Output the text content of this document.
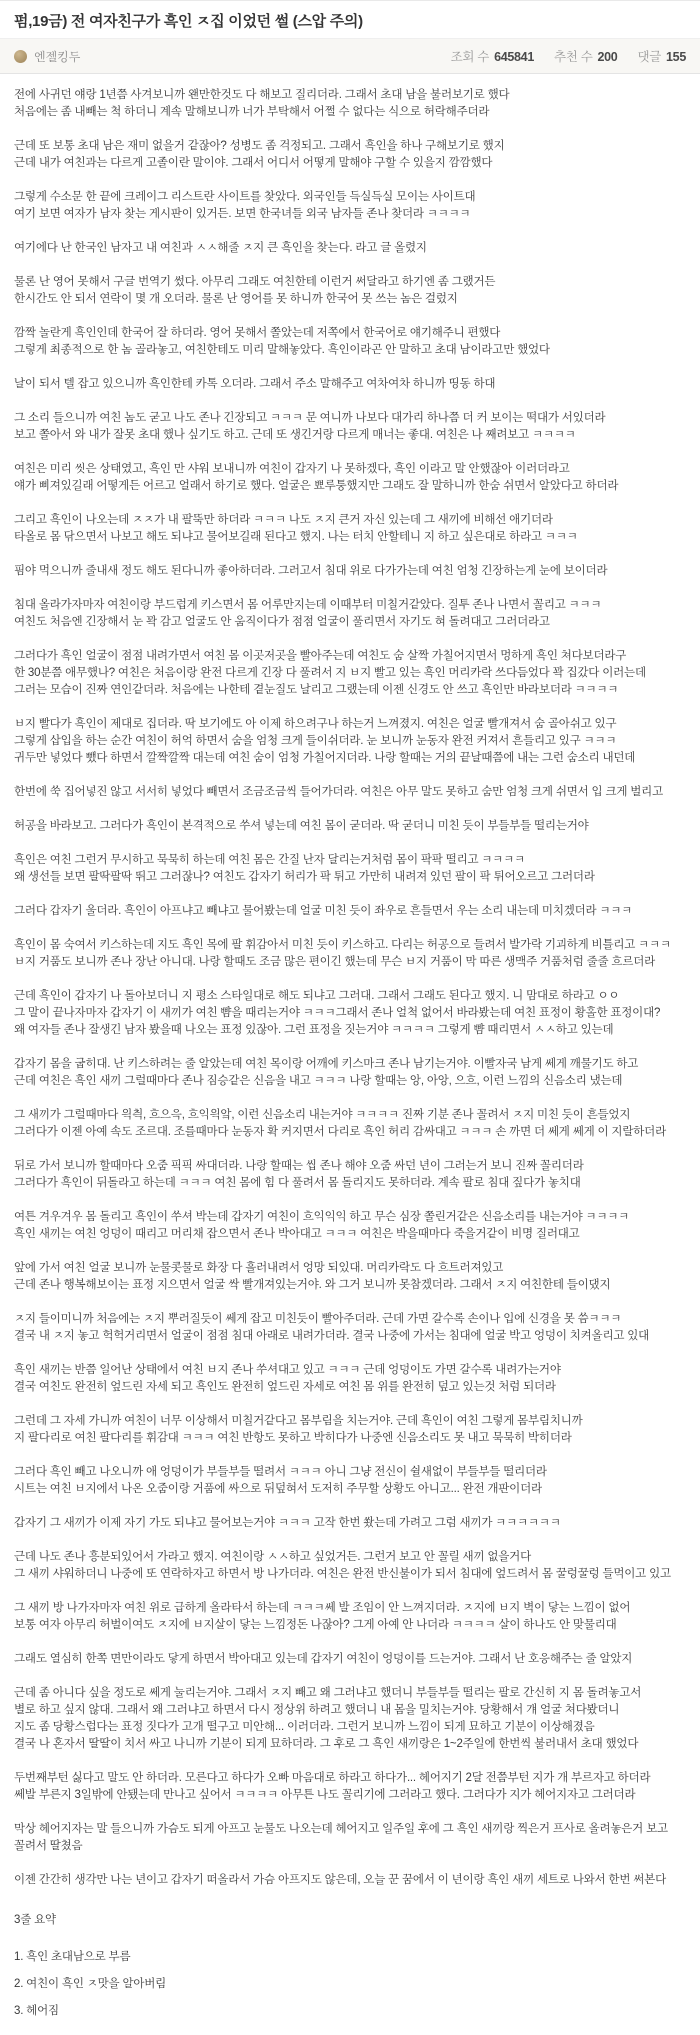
펌,19금) 전 여자친구가 흑인 ㅈ집 이었던 썰 (스압 주의)
엔젤킹두	조회 수 645841 추천 수 200 댓글 155

전에 사귀던 얘랑 1년쯤 사겨보니까 왠만한것도 다 해보고 질리더라. 그래서 초대 남을 불러보기로 했다
처음에는 좀 내빼는 척 하더니 계속 말해보니까 너가 부탁해서 어쩔 수 없다는 식으로 허락해주더라

근데 또 보통 초대 남은 재미 없을거 같잖아? 성병도 좀 걱정되고. 그래서 흑인을 하나 구해보기로 했지
근데 내가 여친과는 다르게 고졸이란 말이야. 그래서 어디서 어떻게 말해야 구할 수 있을지 깜깜했다

그렇게 수소문 한 끝에 크레이그 리스트란 사이트를 찾았다. 외국인들 득실득실 모이는 사이트대
여기 보면 여자가 남자 찾는 게시판이 있거든. 보면 한국녀들 외국 남자들 존나 찾더라 ㅋㅋㅋㅋ

여기에다 난 한국인 남자고 내 여친과 ㅅㅅ해줄 ㅈ지 큰 흑인을 찾는다. 라고 글 올렸지

물론 난 영어 못해서 구글 번역기 썼다. 아무리 그래도 여친한테 이런거 써달라고 하기엔 좀 그랬거든
한시간도 안 되서 연락이 몇 개 오더라. 물론 난 영어를 못 하니까 한국어 못 쓰는 놈은 걸렀지

깜짝 놀란게 흑인인데 한국어 잘 하더라. 영어 못해서 쫄았는데 저쪽에서 한국어로 얘기해주니 편했다
그렇게 최종적으로 한 놈 골라놓고, 여친한테도 미리 말해놓았다. 흑인이라곤 안 말하고 초대 남이라고만 했었다

날이 되서 텔 잡고 있으니까 흑인한테 카톡 오더라. 그래서 주소 말해주고 여차여차 하니까 띵동 하대

그 소리 들으니까 여친 놈도 굳고 나도 존나 긴장되고 ㅋㅋㅋ 문 여니까 나보다 대가리 하나쯤 더 커 보이는 떡대가 서있더라
보고 쫄아서 와 내가 잘못 초대 했나 싶기도 하고. 근데 또 생긴거랑 다르게 매너는 좋대. 여친은 나 째려보고 ㅋㅋㅋㅋ

여친은 미리 씻은 상태였고, 흑인 만 샤워 보내니까 여친이 갑자기 나 못하겠다, 흑인 이라고 말 안했잖아 이러더라고
얘가 삐져있길래 어떻게든 어르고 얼래서 하기로 했다. 얼굴은 뾰루퉁했지만 그래도 잘 말하니까 한숨 쉬면서 알았다고 하더라

그리고 흑인이 나오는데 ㅈㅈ가 내 팔뚝만 하더라 ㅋㅋㅋ 나도 ㅈ지 큰거 자신 있는데 그 새끼에 비해선 애기더라
타올로 몸 닦으면서 나보고 해도 되냐고 물어보길래 된다고 했지. 나는 터치 안할테니 지 하고 싶은대로 하라고 ㅋㅋㅋ

핌야 먹으니까 줄내새 정도 해도 된다니까 좋아하더라. 그러고서 침대 위로 다가가는데 여친 엄청 긴장하는게 눈에 보이더라

침대 올라가자마자 여친이랑 부드럽게 키스면서 몸 어루만지는데 이때부터 미칠거같았다. 질투 존나 나면서 꼴리고 ㅋㅋㅋ
여친도 처음엔 긴장해서 눈 꽉 감고 얼굴도 안 움직이다가 점점 얼굴이 풀리면서 자기도 혀 돌려대고 그러더라고

그러다가 흑인 얼굴이 점점 내려가면서 여친 몸 이곳저곳을 빨아주는데 여친도 숨 살짝 가칠어지면서 멍하게 흑인 쳐다보더라구
한 30분쯤 애무했나? 여친은 처음이랑 완전 다르게 긴장 다 풀려서 지 ㅂ지 빨고 있는 흑인 머리카락 쓰다듬었다 꽉 집갔다 이러는데
그러는 모습이 진짜 연인같더라. 처음에는 나한테 곁눈질도 날리고 그랬는데 이젠 신경도 안 쓰고 흑인만 바라보더라 ㅋㅋㅋㅋ

ㅂ지 빨다가 흑인이 제대로 집더라. 딱 보기에도 아 이제 하으려구나 하는거 느껴졌지. 여친은 얼굴 빨개져서 숨 골아쉬고 있구
그렇게 삽입을 하는 순간 여친이 허억 하면서 숨을 엄청 크게 들이쉬더라. 눈 보니까 눈동자 완전 커져서 흔들리고 있구 ㅋㅋㅋ
귀두만 넣었다 뺐다 하면서 깔짝깔짝 대는데 여친 숨이 엄청 가칠어지더라. 나랑 할때는 거의 끝날때쯤에 내는 그런 숨소리 내던데

한번에 쑥 집어넣진 않고 서서히 넣었다 빼면서 조금조금씩 들어가더라. 여친은 아무 말도 못하고 숨만 엄청 크게 쉬면서 입 크게 벌리고

허공을 바라보고. 그러다가 흑인이 본격적으로 쑤셔 넣는데 여친 몸이 굳더라. 딱 굳더니 미친 듯이 부들부들 떨리는거야

흑인은 여친 그런거 무시하고 묵묵히 하는데 여친 몸은 간질 난자 달리는거처럼 몸이 팍팍 떨리고 ㅋㅋㅋㅋ
왜 생선들 보면 팔딱팔딱 뛰고 그러잖나? 여친도 갑자기 허리가 팍 튀고 가만히 내려져 있던 팔이 팍 튀어오르고 그러더라

그러다 갑자기 울더라. 흑인이 아프냐고 빼냐고 물어봤는데 얼굴 미친 듯이 좌우로 흔들면서 우는 소리 내는데 미치겠더라 ㅋㅋㅋ

흑인이 몸 숙여서 키스하는데 지도 흑인 목에 팔 휘감아서 미친 듯이 키스하고. 다리는 허공으로 들려서 발가락 기괴하게 비틀리고 ㅋㅋㅋ
ㅂ지 거품도 보니까 존나 장난 아니대. 나랑 할때도 조금 많은 편이긴 했는데 무슨 ㅂ지 거품이 막 따른 생맥주 거품처럼 줄줄 흐르더라

근데 흑인이 갑자기 나 돌아보더니 지 평소 스타일대로 해도 되냐고 그러대. 그래서 그래도 된다고 했지. 니 맘대로 하라고 ㅇㅇ
그 말이 끝나자마자 갑자기 이 새끼가 여친 뺨을 때리는거야 ㅋㅋㅋ그래서 존나 얼척 없어서 바라봤는데 여친 표정이 황홀한 표정이대?
왜 여자들 존나 잘생긴 남자 봤을때 나오는 표정 있잖아. 그런 표정을 짓는거야 ㅋㅋㅋㅋ 그렇게 뺨 때리면서 ㅅㅅ하고 있는데

갑자기 몸을 굽히대. 난 키스하려는 줄 알았는데 여친 목이랑 어깨에 키스마크 존나 남기는거야. 이빨자국 남게 쎄게 깨물기도 하고
근데 여친은 흑인 새끼 그럴때마다 존나 짐승같은 신음을 내고 ㅋㅋㅋ 나랑 할때는 앙, 아앙, 으흐, 이런 느낌의 신음소리 냈는데

그 새끼가 그럴때마다 읙츽, 흐으윽, 흐익읙앜, 이런 신음소리 내는거야 ㅋㅋㅋㅋ 진짜 기분 존나 꼴려서 ㅈ지 미친 듯이 흔들었지
그러다가 이젠 아예 속도 조르대. 조를때마다 눈동자 확 커지면서 다리로 흑인 허리 감싸대고 ㅋㅋㅋ 손 까면 더 쎄게 쎄게 이 지랄하더라

뒤로 가서 보니까 할때마다 오줌 픽픽 싸대더라. 나랑 할때는 씹 존나 해야 오줌 싸던 년이 그러는거 보니 진짜 꼴리더라
그러다가 흑인이 뒤돌라고 하는데 ㅋㅋㅋ 여친 몸에 힘 다 풀려서 몸 돌리지도 못하더라. 계속 팔로 침대 짚다가 놓치대

여튼 겨우겨우 몸 돌리고 흑인이 쑤셔 박는데 갑자기 여친이 흐익익익 하고 무슨 심장 쫄린거같은 신음소리를 내는거야 ㅋㅋㅋㅋ
흑인 새끼는 여친 엉덩이 때리고 머리채 잡으면서 존나 박아대고 ㅋㅋㅋ 여친은 박을때마다 죽을거같이 비명 질러대고

앞에 가서 여친 얼굴 보니까 눈물콧물로 화장 다 흘러내려서 엉망 되있대. 머리카락도 다 흐트러져있고
근데 존나 행복해보이는 표정 지으면서 얼굴 싹 빨개져있는거야. 와 그거 보니까 못참겠더라. 그래서 ㅈ지 여친한테 들이댔지

ㅈ지 들이미니까 처음에는 ㅈ지 뿌러질듯이 쎄게 잡고 미친듯이 빨아주더라. 근데 가면 갈수록 손이나 입에 신경을 못 씀ㅋㅋㅋ
결국 내 ㅈ지 놓고 헉헉거리면서 얼굴이 점점 침대 아래로 내려가더라. 결국 나중에 가서는 침대에 얼굴 박고 엉덩이 치켜올리고 있대

흑인 새끼는 반쯤 일어난 상태에서 여친 ㅂ지 존나 쑤셔대고 있고 ㅋㅋㅋ 근데 엉덩이도 가면 갈수록 내려가는거야
결국 여친도 완전히 엎드린 자세 되고 흑인도 완전히 엎드린 자세로 여친 몸 위를 완전히 덮고 있는것 처럼 되더라

그런데 그 자세 가니까 여친이 너무 이상해서 미칠거같다고 몸부림을 치는거야. 근데 흑인이 여친 그렇게 몸부림치니까
지 팔다리로 여친 팔다리를 휘감대 ㅋㅋㅋ 여친 반항도 못하고 박히다가 나중엔 신음소리도 못 내고 묵묵히 박히더라

그러다 흑인 빼고 나오니까 애 엉덩이가 부들부들 떨려서 ㅋㅋㅋ 아니 그냥 전신이 쉴새없이 부들부들 떨리더라
시트는 여친 ㅂ지에서 나온 오줌이랑 거품에 싸으로 뒤덮혀서 도저히 주무할 상황도 아니고... 완전 개판이더라

갑자기 그 새끼가 이제 자기 가도 되냐고 물어보는거야 ㅋㅋㅋ 고작 한번 쐈는데 가려고 그럼 새끼가 ㅋㅋㅋㅋㅋㅋ

근데 나도 존나 흥분되있어서 가라고 했지. 여친이랑 ㅅㅅ하고 싶었거든. 그런거 보고 안 꼴릴 새끼 없을거다
그 새끼 샤워하더니 나중에 또 연락하자고 하면서 방 나가더라. 여친은 완전 반신불이가 되서 침대에 엎드려서 몸 꿀렁꿀렁 들먹이고 있고

그 새끼 방 나가자마자 여친 위로 급하게 올라타서 하는데 ㅋㅋㅋ쎄 발 조임이 안 느껴지더라. ㅈ지에 ㅂ지 벽이 닿는 느낌이 없어
보통 여자 아무리 허벌이여도 ㅈ지에 ㅂ지살이 닿는 느낌정돈 나잖아? 그게 아예 안 나더라 ㅋㅋㅋㅋ 살이 하나도 안 맞물리대

그래도 열심히 한쪽 면만이라도 닿게 하면서 박아대고 있는데 갑자기 여친이 엉덩이를 드는거야. 그래서 난 호응해주는 줄 알았지

근데 좀 아니다 싶을 정도로 쎄게 눌리는거야. 그래서 ㅈ지 빼고 왜 그러냐고 했더니 부들부들 떨리는 팔로 간신히 지 몸 돌려놓고서
별로 하고 싶지 않대. 그래서 왜 그러냐고 하면서 다시 정상위 하려고 했더니 내 몸을 밀치는거야. 당황해서 걔 얼굴 쳐다봤더니
지도 좀 당황스럽다는 표정 짓다가 고개 떨구고 미안해... 이러더라. 그런거 보니까 느낌이 되게 묘하고 기분이 이상해졌음
결국 나 혼자서 딸딸이 치서 싸고 나니까 기분이 되게 묘하더라. 그 후로 그 흑인 새끼랑은 1~2주일에 한번씩 불러내서 초대 했었다

두번째부턴 싫다고 말도 안 하더라. 모른다고 하다가 오빠 마음대로 하라고 하다가... 헤어지기 2달 전쯤부턴 지가 개 부르자고 하더라
쎄발 부른지 3일밖에 안됐는데 만나고 싶어서 ㅋㅋㅋㅋ 아무튼 나도 꼴리기에 그러라고 했다. 그러다가 지가 헤어지자고 그러더라

막상 헤어지자는 말 들으니까 가슴도 되게 아프고 눈물도 나오는데 헤어지고 일주일 후에 그 흑인 새끼랑 찍은거 프사로 올려놓은거 보고 꼴려서 딸쳤음

이젠 간간히 생각만 나는 년이고 갑자기 떠올라서 가슴 아프지도 않은데, 오늘 꾼 꿈에서 이 년이랑 흑인 새끼 세트로 나와서 한번 써본다

3줄 요약

1. 흑인 초대남으로 부름

2. 여친이 흑인 ㅈ맛을 알아버림

3. 헤어짐
